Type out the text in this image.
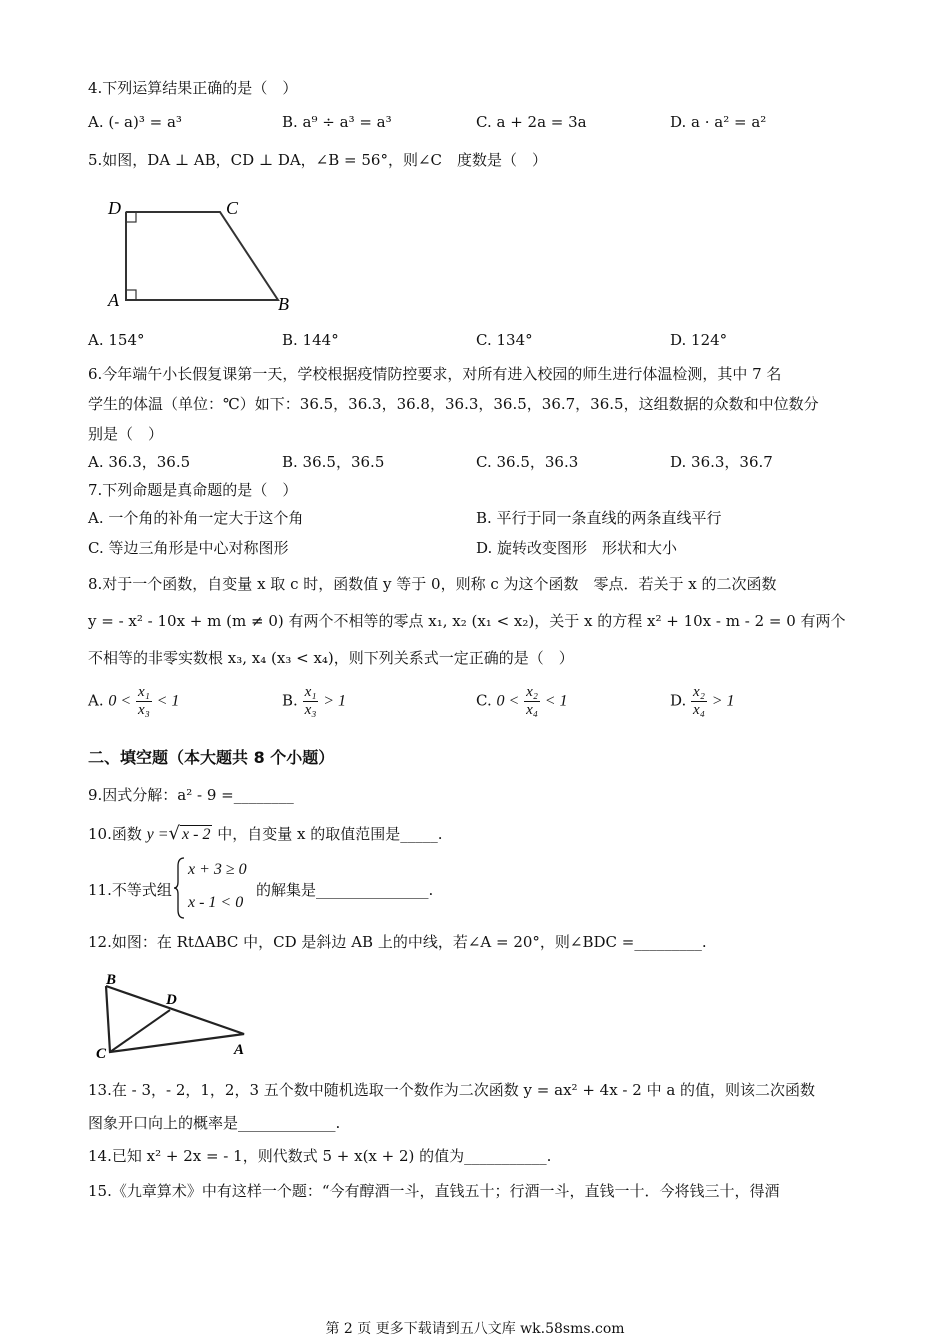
4.下列运算结果正确的是（　）
A. (- a)³ = a³	B. a⁹ ÷ a³ = a³	C. a + 2a = 3a	D. a · a² = a²
5.如图，DA ⊥ AB，CD ⊥ DA，∠B = 56°，则∠C　度数是（　）
D	C
A	B
A. 154°	B. 144°	C. 134°	D. 124°
6.今年端午小长假复课第一天，学校根据疫情防控要求，对所有进入校园的师生进行体温检测，其中 7 名
学生的体温（单位：℃）如下：36.5，36.3，36.8，36.3，36.5，36.7，36.5，这组数据的众数和中位数分
别是（　）
A. 36.3，36.5	B. 36.5，36.5	C. 36.5，36.3	D. 36.3，36.7
7.下列命题是真命题的是（　）
A. 一个角的补角一定大于这个角	B. 平行于同一条直线的两条直线平行
C. 等边三角形是中心对称图形	D. 旋转改变图形　形状和大小
8.对于一个函数，自变量 x 取 c 时，函数值 y 等于 0，则称 c 为这个函数　零点．若关于 x 的二次函数
y = - x² - 10x + m (m ≠ 0) 有两个不相等的零点 x₁, x₂ (x₁ < x₂)，关于 x 的方程 x² + 10x - m - 2 = 0 有两个
不相等的非零实数根 x₃, x₄ (x₃ < x₄)，则下列关系式一定正确的是（　）
A. $0 < \frac{\text{x₁}}{\text{x₃}} < 1$	B. $\frac{\text{x₁}}{\text{x₃}} > 1$	C. $0 < \frac{\text{x₂}}{\text{x₄}} < 1$	D. $\frac{\text{x₂}}{\text{x₄}} > 1$
二、填空题（本大题共 8 个小题）
9.因式分解：a² - 9 =________
10.函数 y =√ x - 2 中，自变量 x 的取值范围是_____.
11.不等式组
x + 3 ≥ 0
x - 1 < 0
的解集是_______________.
12.如图：在 RtΔABC 中，CD 是斜边 AB 上的中线，若∠A = 20°，则∠BDC =_________.
B
D
C	A
13.在 - 3，- 2，1，2，3 五个数中随机选取一个数作为二次函数 y = ax² + 4x - 2 中 a 的值，则该二次函数
图象开口向上的概率是_____________.
14.已知 x² + 2x = - 1，则代数式 5 + x(x + 2) 的值为___________.
15.《九章算术》中有这样一个题：“今有醇酒一斗，直钱五十；行酒一斗，直钱一十．今将钱三十，得酒
第 2 页 更多下载请到五八文库 wk.58sms.com
